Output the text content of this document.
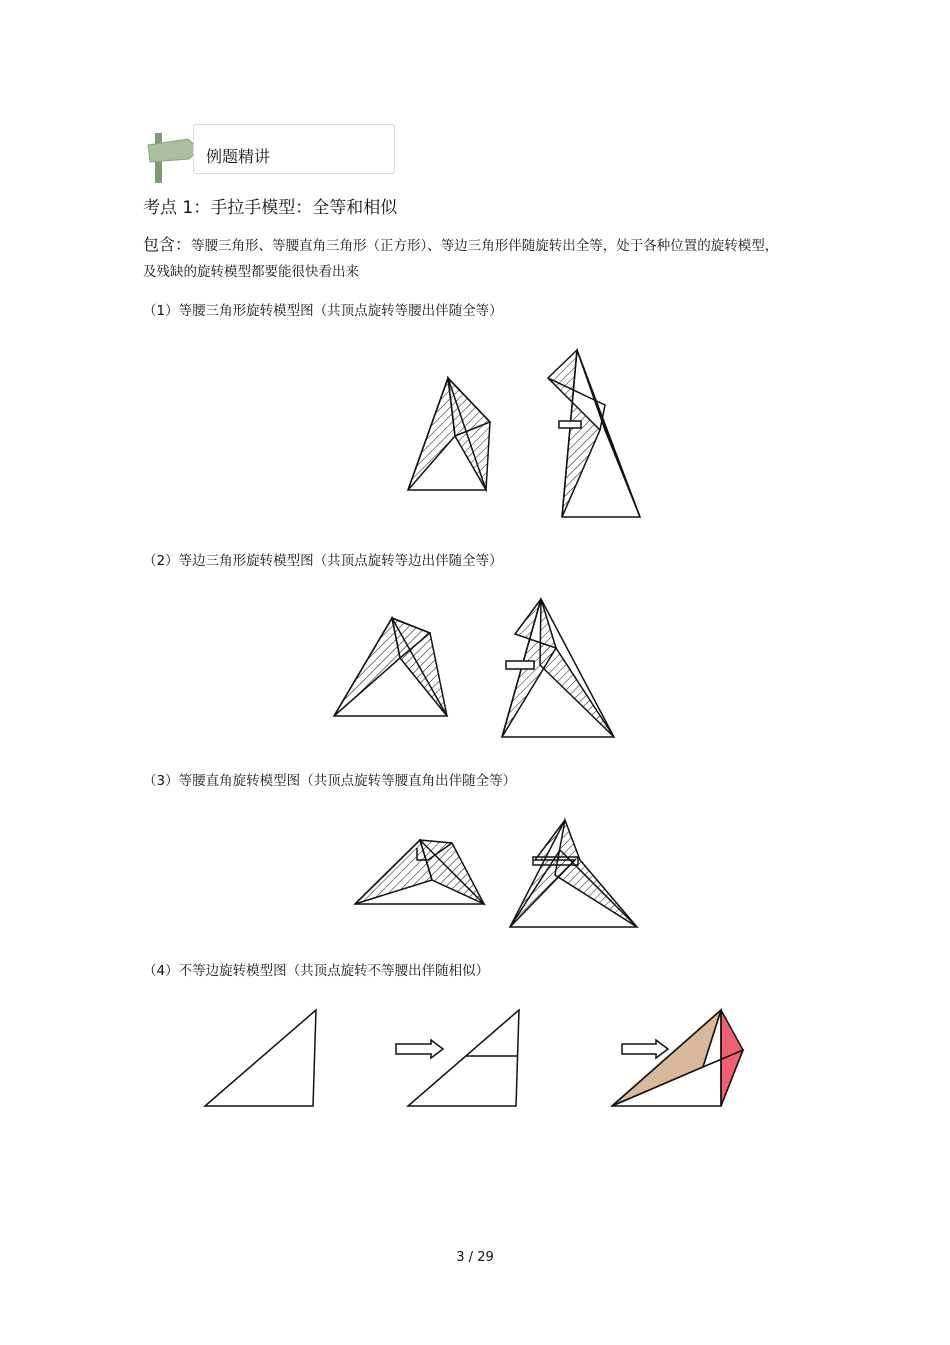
例题精讲
考点 1：手拉手模型：全等和相似
包含：等腰三角形、等腰直角三角形（正方形）、等边三角形伴随旋转出全等，处于各种位置的旋转模型，及残缺的旋转模型都要能很快看出来
（1）等腰三角形旋转模型图（共顶点旋转等腰出伴随全等）
（2）等边三角形旋转模型图（共顶点旋转等边出伴随全等）
（3）等腰直角旋转模型图（共顶点旋转等腰直角出伴随全等）
（4）不等边旋转模型图（共顶点旋转不等腰出伴随相似）
3 / 29
